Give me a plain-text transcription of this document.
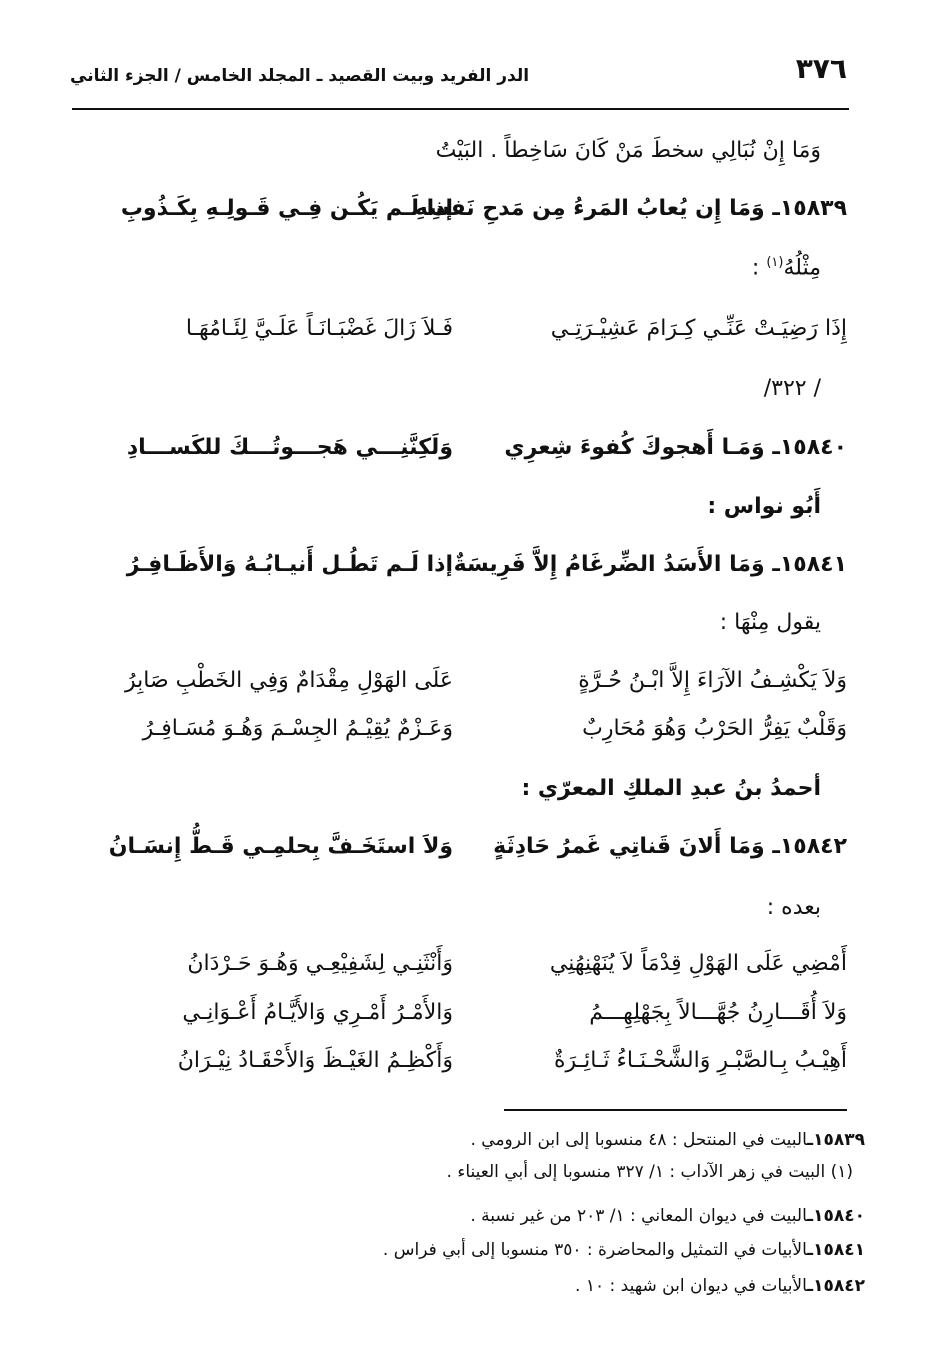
٣٧٦
الدر الفريد وبيت القصيد ـ المجلد الخامس / الجزء الثاني
وَمَا إِنْ نُبَالِي سخطَ مَنْ كَانَ سَاخِطاً . البَيْتُ
١٥٨٣٩ـ وَمَا إِن يُعابُ المَرءُ مِن مَدحِ نَفسِهِ
إذا لَـم يَكُـن فِـي قَـولِـهِ بِكَـذُوبِ
مِثْلُهُ$^{(١)}$ :
إِذَا رَضِيَـتْ عَنِّـي كِـرَامَ عَشِيْـرَتِـي
فَـلاَ زَالَ غَضْبَـانَـاً عَلَـيَّ لِئَـامُهَـا
/ ٣٢٢/
١٥٨٤٠ـ وَمَـا أَهجوكَ كُفوءَ شِعرِي
وَلَكِنَّنِـــي هَجـــوتُـــكَ للكَســـادِ
أَبُو نواس :
١٥٨٤١ـ وَمَا الأَسَدُ الضِّرغَامُ إِلاَّ فَرِيسَةٌ
إذا لَـم تَطُـل أَنيـابُـهُ وَالأَظَـافِـرُ
يقول مِنْهَا :
وَلاَ يَكْشِـفُ الآرَاءَ إِلاَّ ابْـنُ حُـرَّةٍ
عَلَى الهَوْلِ مِقْدَامٌ وَفِي الخَطْبِ صَابِرُ
وَقَلْبٌ يَفِرُّ الحَرْبُ وَهُوَ مُحَارِبٌ
وَعَـزْمٌ يُقِيْـمُ الجِسْـمَ وَهُـوَ مُسَـافِـرُ
أحمدُ بنُ عبدِ الملكِ المعرّي :
١٥٨٤٢ـ وَمَا أَلانَ قَناتِي غَمرُ حَادِثَةٍ
وَلاَ استَخَـفَّ بِحلمِـي قَـطُّ إِنسَـانُ
بعده :
أَمْضِي عَلَى الهَوْلِ قِدْمَاً لاَ يُنَهْنِهُنِي
وَأَنْثَنِـي لِشَفِيْعِـي وَهُـوَ حَـرْدَانُ
وَلاَ أُقَـــارِنُ جُهَّـــالاً بِجَهْلِهِـــمُ
وَالأَمْـرُ أَمْـرِي وَالأَيَّـامُ أَعْـوَانِـي
أَهِيْـبُ بِـالصَّبْـرِ وَالشَّحْـنَـاءُ ثَـائِـرَةٌ
وَأَكْظِـمُ الغَيْـظَ وَالأَحْقَـادُ نِيْـرَانُ
١٥٨٣٩ـالبيت في المنتحل : ٤٨ منسوبا إلى ابن الرومي .
(١) البيت في زهر الآداب : ١/ ٣٢٧ منسوبا إلى أبي العيناء .
١٥٨٤٠ـالبيت في ديوان المعاني : ١/ ٢٠٣ من غير نسبة .
١٥٨٤١ـالأبيات في التمثيل والمحاضرة : ٣٥٠ منسوبا إلى أبي فراس .
١٥٨٤٢ـالأبيات في ديوان ابن شهيد : ١٠ .
